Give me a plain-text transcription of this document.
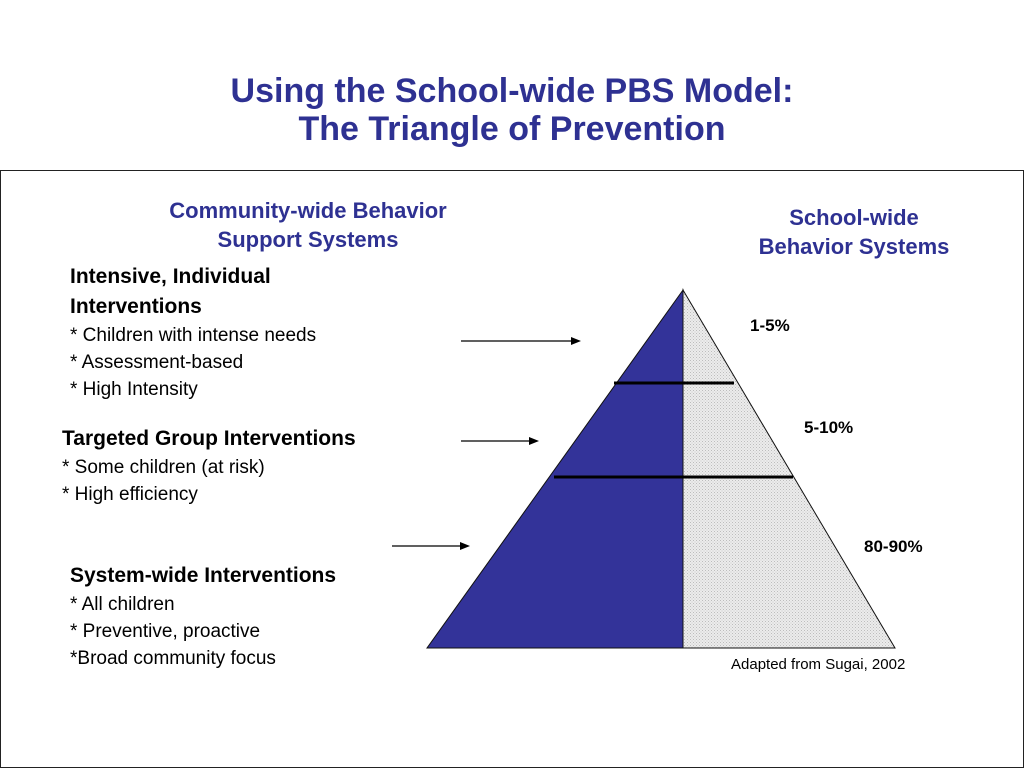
Using the School-wide PBS Model:
The Triangle of Prevention
Community-wide Behavior
Support Systems
School-wide
Behavior Systems
Intensive, Individual
Interventions
* Children with intense needs
* Assessment-based
* High Intensity
Targeted Group Interventions
* Some children (at risk)
* High efficiency
System-wide Interventions
* All children
* Preventive, proactive
*Broad community focus
1-5%
5-10%
80-90%
Adapted from Sugai, 2002
